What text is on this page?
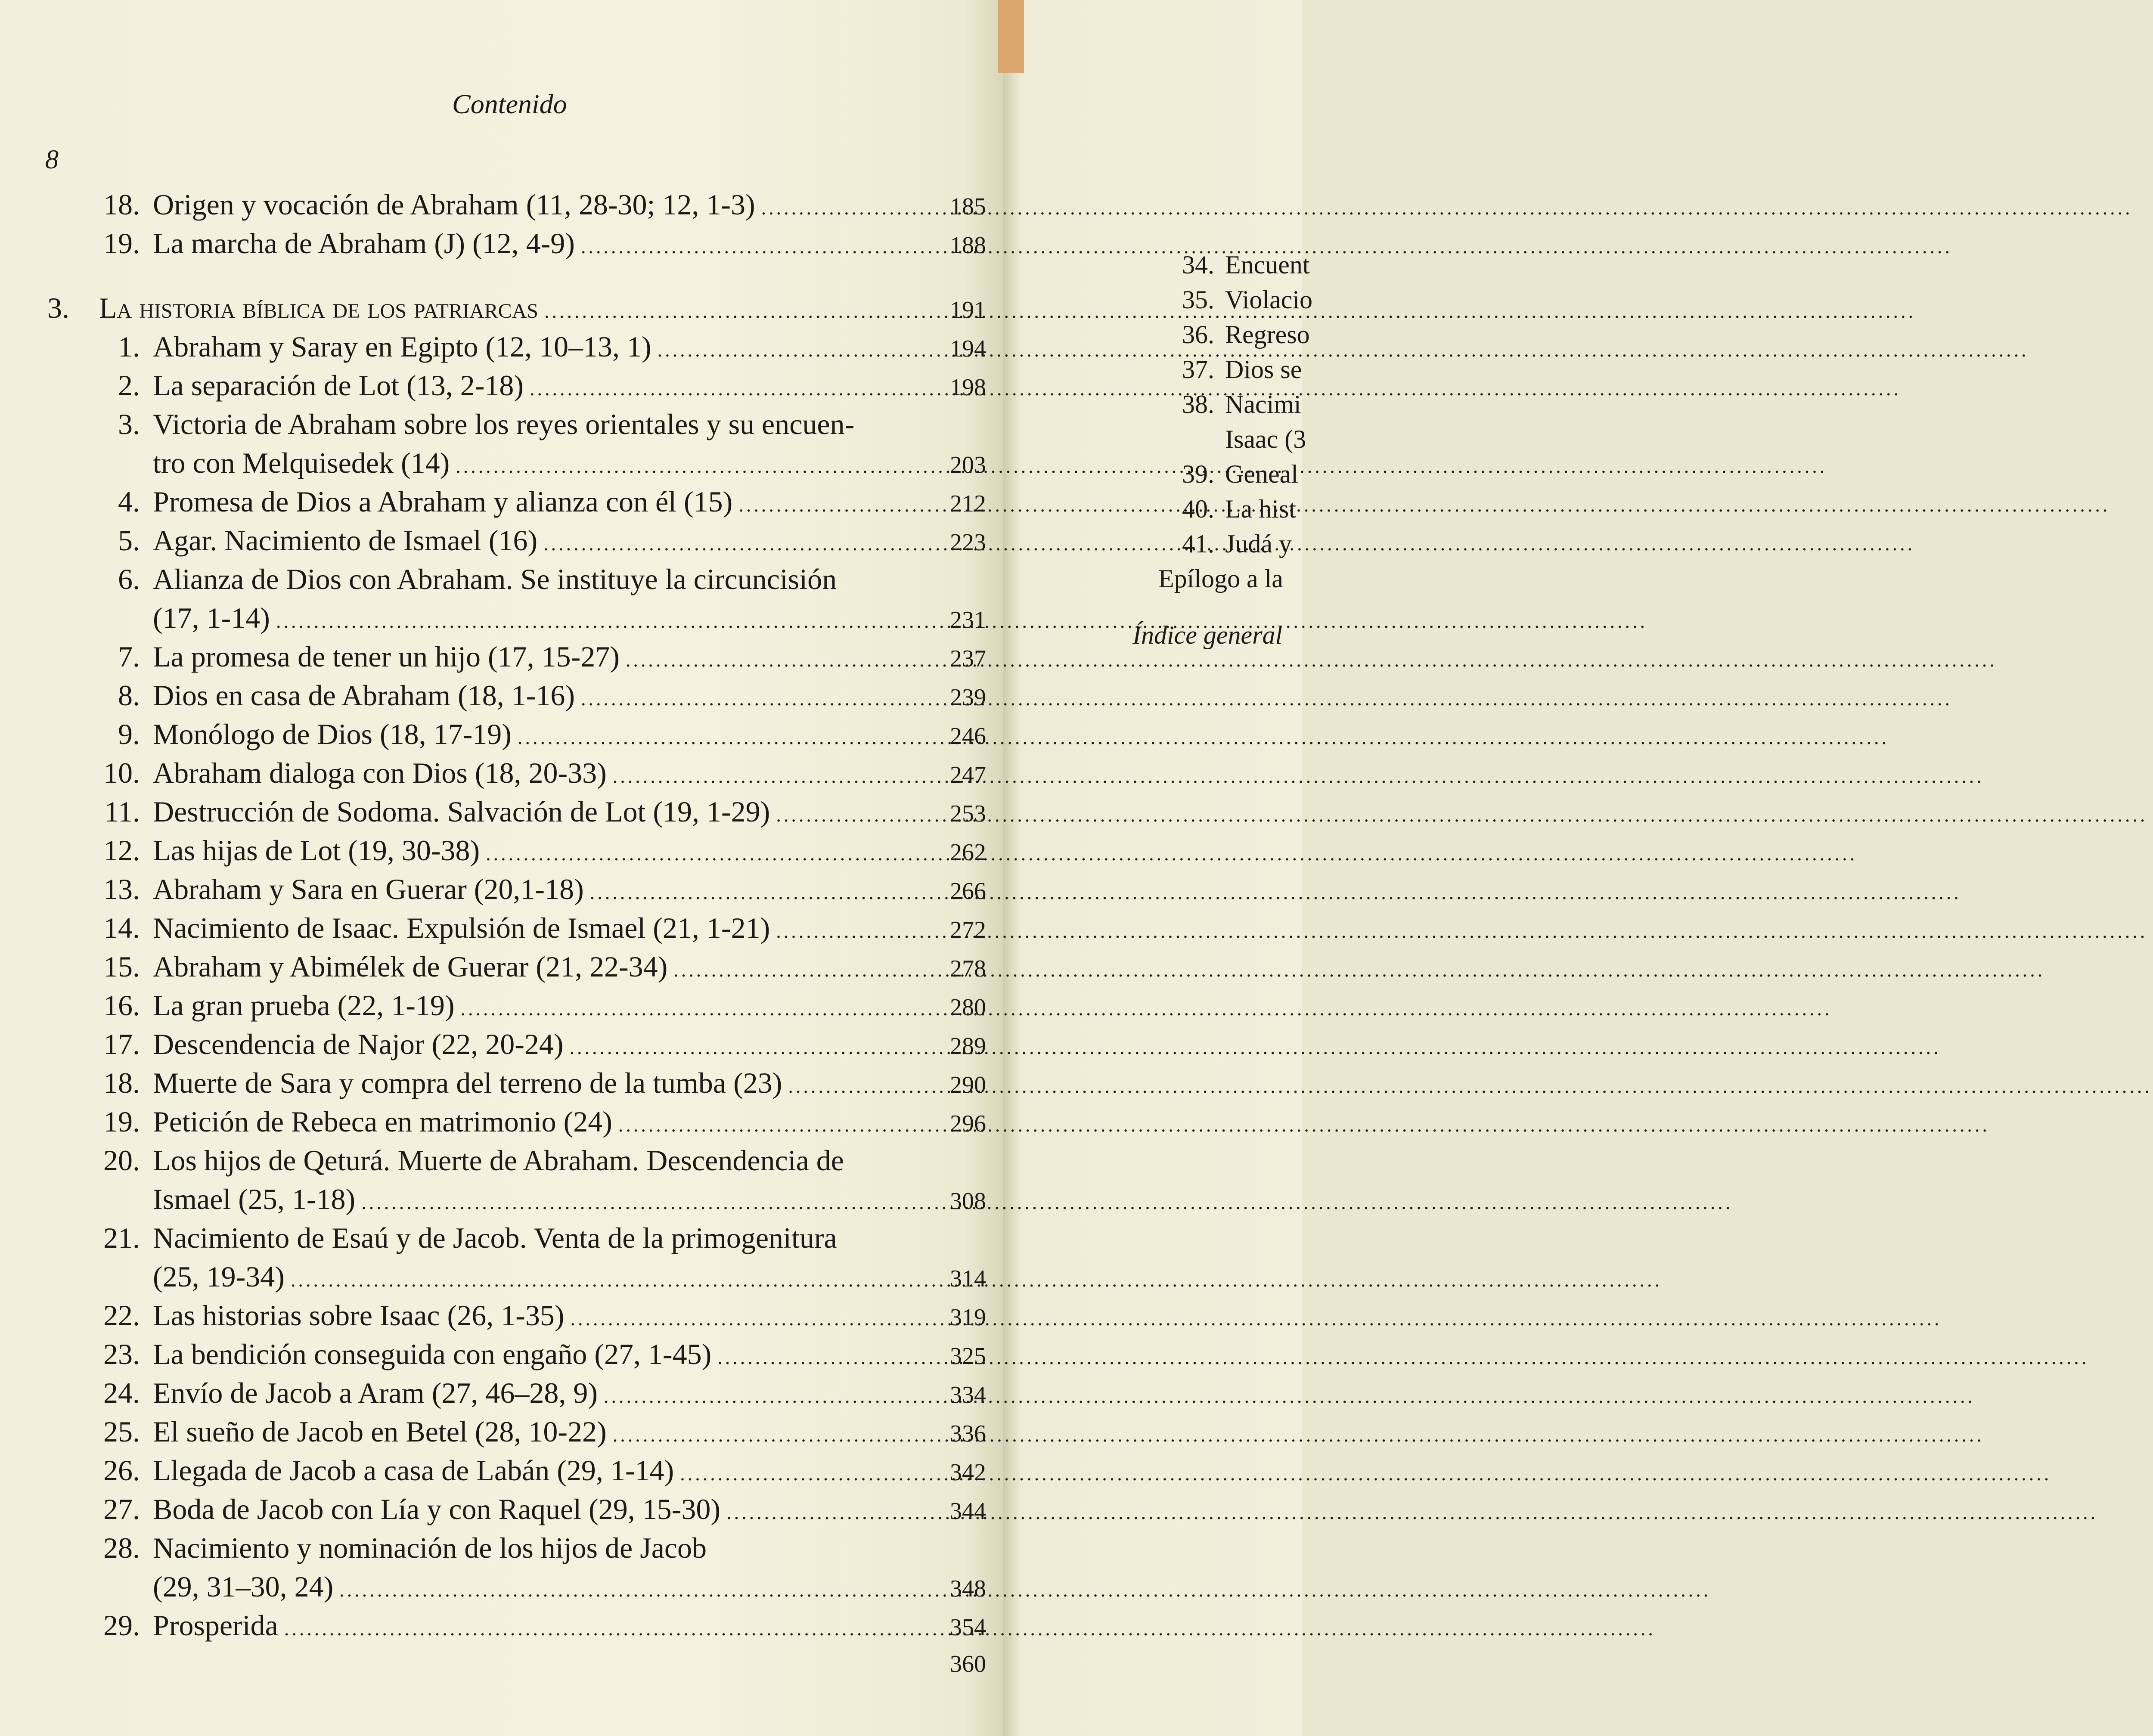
Contenido
8
18. Origen y vocación de Abraham (11, 28-30; 12, 1-3) .....	185
19. La marcha de Abraham (J) (12, 4-9) .....	188
3.	La historia bíblica de los patriarcas .....	191
1. Abraham y Saray en Egipto (12, 10–13, 1) .....	194
2. La separación de Lot (13, 2-18) .....	198
3. Victoria de Abraham sobre los reyes orientales y su encuen-
tro con Melquisedek (14) .....	203
4. Promesa de Dios a Abraham y alianza con él (15) .....	212
5. Agar. Nacimiento de Ismael (16) .....	223
6. Alianza de Dios con Abraham. Se instituye la circuncisión
(17, 1-14) .....	231
7. La promesa de tener un hijo (17, 15-27) .....	237
8. Dios en casa de Abraham (18, 1-16) .....	239
9. Monólogo de Dios (18, 17-19) .....	246
10. Abraham dialoga con Dios (18, 20-33) .....	247
11. Destrucción de Sodoma. Salvación de Lot (19, 1-29) .....	253
12. Las hijas de Lot (19, 30-38) .....	262
13. Abraham y Sara en Guerar (20,1-18) .....	266
14. Nacimiento de Isaac. Expulsión de Ismael (21, 1-21) .....	272
15. Abraham y Abimélek de Guerar (21, 22-34) .....	278
16. La gran prueba (22, 1-19) .....	280
17. Descendencia de Najor (22, 20-24) .....	289
18. Muerte de Sara y compra del terreno de la tumba (23) .....	290
19. Petición de Rebeca en matrimonio (24) .....	296
20. Los hijos de Qeturá. Muerte de Abraham. Descendencia de
Ismael (25, 1-18) .....	308
21. Nacimiento de Esaú y de Jacob. Venta de la primogenitura
(25, 19-34) .....	314
22. Las historias sobre Isaac (26, 1-35) .....	319
23. La bendición conseguida con engaño (27, 1-45) .....	325
24. Envío de Jacob a Aram (27, 46–28, 9) .....	334
25. El sueño de Jacob en Betel (28, 10-22) .....	336
26. Llegada de Jacob a casa de Labán (29, 1-14) .....	342
27. Boda de Jacob con Lía y con Raquel (29, 15-30) .....	344
28. Nacimiento y nominación de los hijos de Jacob
(29, 31–30, 24) .....	348
29. Prosperida .....	354
360
34. Encuent
35. Violacio
36. Regreso
37. Dios se
38. Nacimi
Isaac (3
39. Geneal
40. La hist
41. Judá y
Epílogo a la
Índice general
